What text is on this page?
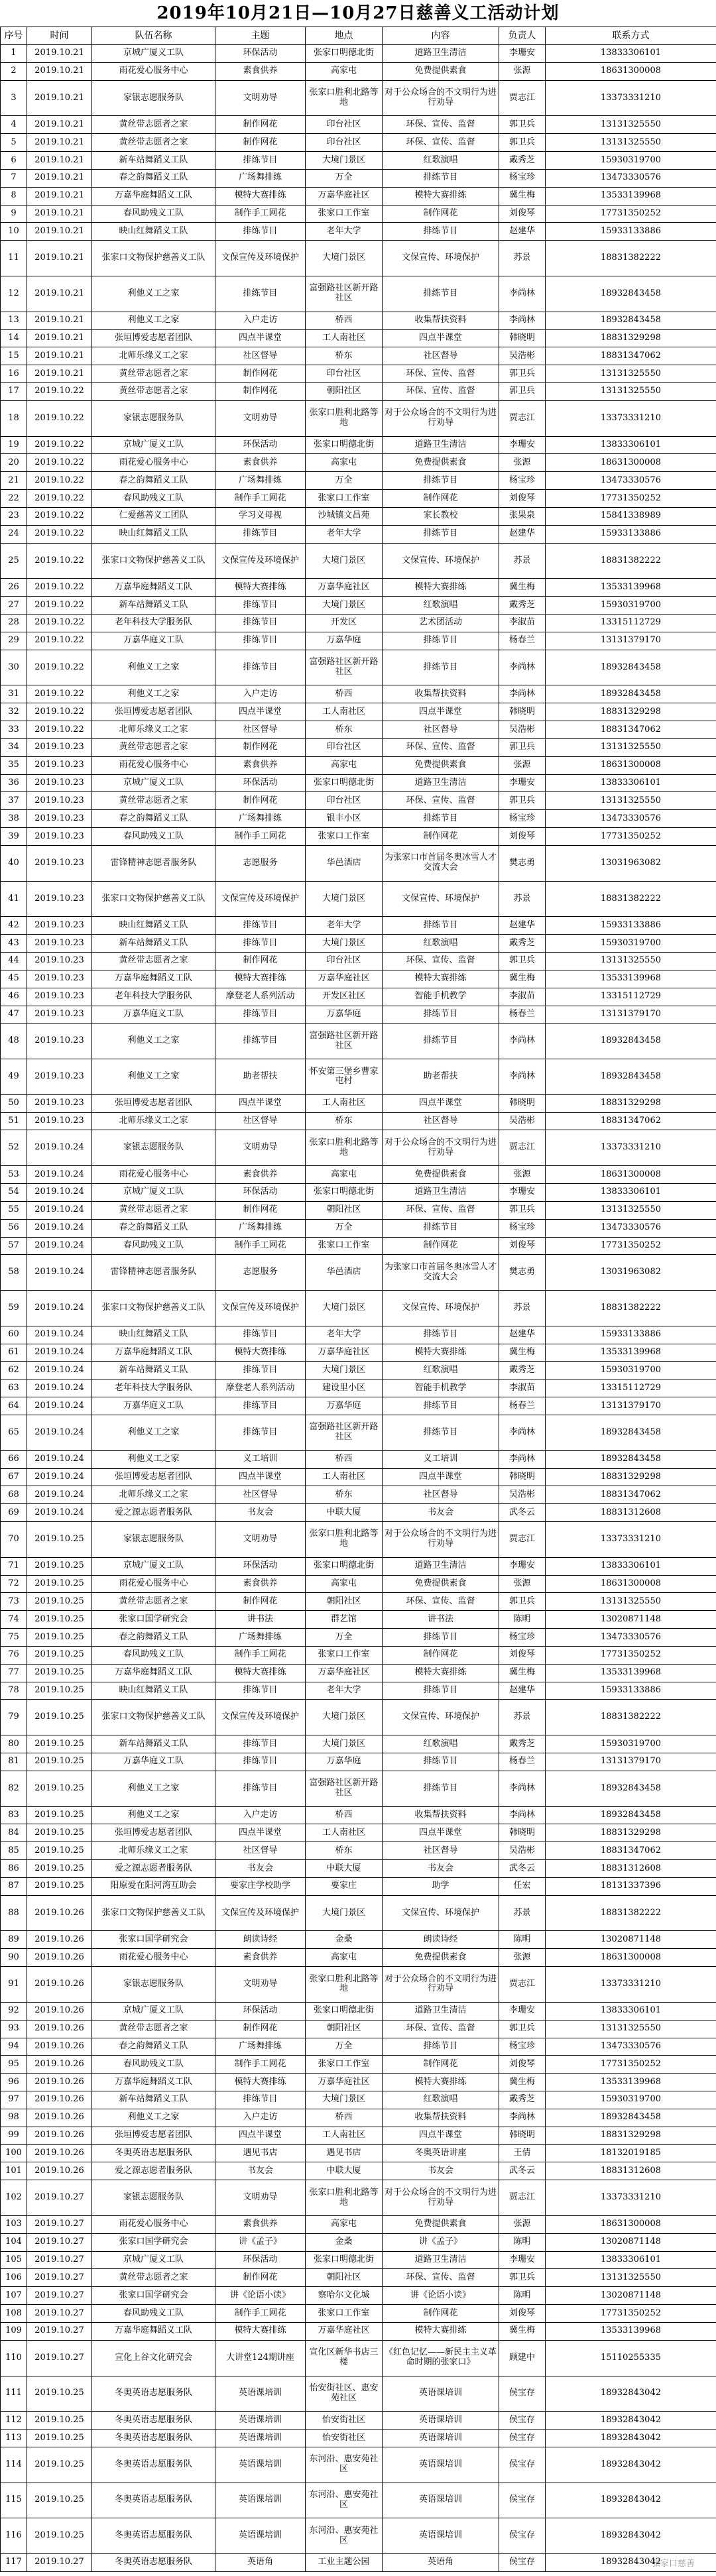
2019年10月21日—10月27日慈善义工活动计划
序号	时间	队伍名称	主题	地点	内容	负责人	联系方式
1	2019.10.21	京城广厦义工队	环保活动	张家口明德北街	道路卫生清洁	李珊安	13833306101
2	2019.10.21	雨花爱心服务中心	素食供养	高家屯	免费提供素食	张源	18631300008
3	2019.10.21	家银志愿服务队	文明劝导	张家口胜利北路等地	对于公众场合的不文明行为进行劝导	贾志江	13373331210
4	2019.10.21	黄丝带志愿者之家	制作网花	印台社区	环保、宣传、监督	郭卫兵	13131325550
5	2019.10.21	黄丝带志愿者之家	制作网花	印台社区	环保、宣传、监督	郭卫兵	13131325550
6	2019.10.21	新车站舞蹈义工队	排练节目	大境门景区	红歌演唱	戴秀芝	15930319700
7	2019.10.21	春之韵舞蹈义工队	广场舞排练	万全	排练节目	杨宝珍	13473330576
8	2019.10.21	万嘉华庭舞蹈义工队	模特大赛排练	万嘉华庭社区	模特大赛排练	冀生梅	13533139968
9	2019.10.21	春风助残义工队	制作手工网花	张家口工作室	制作网花	刘俊琴	17731350252
10	2019.10.21	映山红舞蹈义工队	排练节目	老年大学	排练节目	赵建华	15933133886
11	2019.10.21	张家口文物保护慈善义工队	文保宣传及环境保护	大境门景区	文保宣传、环境保护	苏景	18831382222
12	2019.10.21	利他义工之家	排练节目	富强路社区新开路社区	排练节目	李尚林	18932843458
13	2019.10.21	利他义工之家	入户走访	桥西	收集帮扶资料	李尚林	18932843458
14	2019.10.21	张垣博爱志愿者团队	四点半课堂	工人南社区	四点半课堂	韩晓明	18831329298
15	2019.10.21	北师乐缘义工之家	社区督导	桥东	社区督导	吴浩彬	18831347062
16	2019.10.21	黄丝带志愿者之家	制作网花	印台社区	环保、宣传、监督	郭卫兵	13131325550
17	2019.10.22	黄丝带志愿者之家	制作网花	朝阳社区	环保、宣传、监督	郭卫兵	13131325550
18	2019.10.22	家银志愿服务队	文明劝导	张家口胜利北路等地	对于公众场合的不文明行为进行劝导	贾志江	13373331210
19	2019.10.22	京城广厦义工队	环保活动	张家口明德北街	道路卫生清洁	李珊安	13833306101
20	2019.10.22	雨花爱心服务中心	素食供养	高家屯	免费提供素食	张源	18631300008
21	2019.10.22	春之韵舞蹈义工队	广场舞排练	万全	排练节目	杨宝珍	13473330576
22	2019.10.22	春风助残义工队	制作手工网花	张家口工作室	制作网花	刘俊琴	17731350252
23	2019.10.22	仁爱慈善义工团队	学习义母视	沙城镇文昌苑	家长教校	张果泉	15841338989
24	2019.10.22	映山红舞蹈义工队	排练节目	老年大学	排练节目	赵建华	15933133886
25	2019.10.22	张家口文物保护慈善义工队	文保宣传及环境保护	大境门景区	文保宣传、环境保护	苏景	18831382222
26	2019.10.22	万嘉华庭舞蹈义工队	模特大赛排练	万嘉华庭社区	模特大赛排练	冀生梅	13533139968
27	2019.10.22	新车站舞蹈义工队	排练节目	大境门景区	红歌演唱	戴秀芝	15930319700
28	2019.10.22	老年科技大学服务队	排练节目	开发区	艺术团活动	李淑苗	13315112729
29	2019.10.22	万嘉华庭义工队	排练节目	万嘉华庭	排练节目	杨春兰	13131379170
30	2019.10.22	利他义工之家	排练节目	富强路社区新开路社区	排练节目	李尚林	18932843458
31	2019.10.22	利他义工之家	入户走访	桥西	收集帮扶资料	李尚林	18932843458
32	2019.10.22	张垣博爱志愿者团队	四点半课堂	工人南社区	四点半课堂	韩晓明	18831329298
33	2019.10.22	北师乐缘义工之家	社区督导	桥东	社区督导	吴浩彬	18831347062
34	2019.10.23	黄丝带志愿者之家	制作网花	印台社区	环保、宣传、监督	郭卫兵	13131325550
35	2019.10.23	雨花爱心服务中心	素食供养	高家屯	免费提供素食	张源	18631300008
36	2019.10.23	京城广厦义工队	环保活动	张家口明德北街	道路卫生清洁	李珊安	13833306101
37	2019.10.23	黄丝带志愿者之家	制作网花	印台社区	环保、宣传、监督	郭卫兵	13131325550
38	2019.10.23	春之韵舞蹈义工队	广场舞排练	银丰小区	排练节目	杨宝珍	13473330576
39	2019.10.23	春风助残义工队	制作手工网花	张家口工作室	制作网花	刘俊琴	17731350252
40	2019.10.23	雷锋精神志愿者服务队	志愿服务	华邑酒店	为张家口市首届冬奥冰雪人才交流大会	樊志勇	13031963082
41	2019.10.23	张家口文物保护慈善义工队	文保宣传及环境保护	大境门景区	文保宣传、环境保护	苏景	18831382222
42	2019.10.23	映山红舞蹈义工队	排练节目	老年大学	排练节目	赵建华	15933133886
43	2019.10.23	新车站舞蹈义工队	排练节目	大境门景区	红歌演唱	戴秀芝	15930319700
44	2019.10.23	黄丝带志愿者之家	制作网花	印台社区	环保、宣传、监督	郭卫兵	13131325550
45	2019.10.23	万嘉华庭舞蹈义工队	模特大赛排练	万嘉华庭社区	模特大赛排练	冀生梅	13533139968
46	2019.10.23	老年科技大学服务队	摩登老人系列活动	开发区社区	智能手机教学	李淑苗	13315112729
47	2019.10.23	万嘉华庭义工队	排练节目	万嘉华庭	排练节目	杨春兰	13131379170
48	2019.10.23	利他义工之家	排练节目	富强路社区新开路社区	排练节目	李尚林	18932843458
49	2019.10.23	利他义工之家	助老帮扶	怀安第三堡乡曹家屯村	助老帮扶	李尚林	18932843458
50	2019.10.23	张垣博爱志愿者团队	四点半课堂	工人南社区	四点半课堂	韩晓明	18831329298
51	2019.10.23	北师乐缘义工之家	社区督导	桥东	社区督导	吴浩彬	18831347062
52	2019.10.24	家银志愿服务队	文明劝导	张家口胜利北路等地	对于公众场合的不文明行为进行劝导	贾志江	13373331210
53	2019.10.24	雨花爱心服务中心	素食供养	高家屯	免费提供素食	张源	18631300008
54	2019.10.24	京城广厦义工队	环保活动	张家口明德北街	道路卫生清洁	李珊安	13833306101
55	2019.10.24	黄丝带志愿者之家	制作网花	朝阳社区	环保、宣传、监督	郭卫兵	13131325550
56	2019.10.24	春之韵舞蹈义工队	广场舞排练	万全	排练节目	杨宝珍	13473330576
57	2019.10.24	春风助残义工队	制作手工网花	张家口工作室	制作网花	刘俊琴	17731350252
58	2019.10.24	雷锋精神志愿者服务队	志愿服务	华邑酒店	为张家口市首届冬奥冰雪人才交流大会	樊志勇	13031963082
59	2019.10.24	张家口文物保护慈善义工队	文保宣传及环境保护	大境门景区	文保宣传、环境保护	苏景	18831382222
60	2019.10.24	映山红舞蹈义工队	排练节目	老年大学	排练节目	赵建华	15933133886
61	2019.10.24	万嘉华庭舞蹈义工队	模特大赛排练	万嘉华庭社区	模特大赛排练	冀生梅	13533139968
62	2019.10.24	新车站舞蹈义工队	排练节目	大境门景区	红歌演唱	戴秀芝	15930319700
63	2019.10.24	老年科技大学服务队	摩登老人系列活动	建设里小区	智能手机教学	李淑苗	13315112729
64	2019.10.24	万嘉华庭义工队	排练节目	万嘉华庭	排练节目	杨春兰	13131379170
65	2019.10.24	利他义工之家	排练节目	富强路社区新开路社区	排练节目	李尚林	18932843458
66	2019.10.24	利他义工之家	义工培训	桥西	义工培训	李尚林	18932843458
67	2019.10.24	张垣博爱志愿者团队	四点半课堂	工人南社区	四点半课堂	韩晓明	18831329298
68	2019.10.24	北师乐缘义工之家	社区督导	桥东	社区督导	吴浩彬	18831347062
69	2019.10.24	爱之源志愿者服务队	书友会	中联大厦	书友会	武冬云	18831312608
70	2019.10.25	家银志愿服务队	文明劝导	张家口胜利北路等地	对于公众场合的不文明行为进行劝导	贾志江	13373331210
71	2019.10.25	京城广厦义工队	环保活动	张家口明德北街	道路卫生清洁	李珊安	13833306101
72	2019.10.25	雨花爱心服务中心	素食供养	高家屯	免费提供素食	张源	18631300008
73	2019.10.25	黄丝带志愿者之家	制作网花	朝阳社区	环保、宣传、监督	郭卫兵	13131325550
74	2019.10.25	张家口国学研究会	讲书法	群艺馆	讲书法	陈明	13020871148
75	2019.10.25	春之韵舞蹈义工队	广场舞排练	万全	排练节目	杨宝珍	13473330576
76	2019.10.25	春风助残义工队	制作手工网花	张家口工作室	制作网花	刘俊琴	17731350252
77	2019.10.25	万嘉华庭舞蹈义工队	模特大赛排练	万嘉华庭社区	模特大赛排练	冀生梅	13533139968
78	2019.10.25	映山红舞蹈义工队	排练节目	老年大学	排练节目	赵建华	15933133886
79	2019.10.25	张家口文物保护慈善义工队	文保宣传及环境保护	大境门景区	文保宣传、环境保护	苏景	18831382222
80	2019.10.25	新车站舞蹈义工队	排练节目	大境门景区	红歌演唱	戴秀芝	15930319700
81	2019.10.25	万嘉华庭义工队	排练节目	万嘉华庭	排练节目	杨春兰	13131379170
82	2019.10.25	利他义工之家	排练节目	富强路社区新开路社区	排练节目	李尚林	18932843458
83	2019.10.25	利他义工之家	入户走访	桥西	收集帮扶资料	李尚林	18932843458
84	2019.10.25	张垣博爱志愿者团队	四点半课堂	工人南社区	四点半课堂	韩晓明	18831329298
85	2019.10.25	北师乐缘义工之家	社区督导	桥东	社区督导	吴浩彬	18831347062
86	2019.10.25	爱之源志愿者服务队	书友会	中联大厦	书友会	武冬云	18831312608
87	2019.10.25	阳原爱在阳河湾互助会	要家庄学校助学	要家庄	助学	任宏	18131337396
88	2019.10.26	张家口文物保护慈善义工队	文保宣传及环境保护	大境门景区	文保宣传、环境保护	苏景	18831382222
89	2019.10.26	张家口国学研究会	朗读诗经	金桑	朗读诗经	陈明	13020871148
90	2019.10.26	雨花爱心服务中心	素食供养	高家屯	免费提供素食	张源	18631300008
91	2019.10.26	家银志愿服务队	文明劝导	张家口胜利北路等地	对于公众场合的不文明行为进行劝导	贾志江	13373331210
92	2019.10.26	京城广厦义工队	环保活动	张家口明德北街	道路卫生清洁	李珊安	13833306101
93	2019.10.26	黄丝带志愿者之家	制作网花	朝阳社区	环保、宣传、监督	郭卫兵	13131325550
94	2019.10.26	春之韵舞蹈义工队	广场舞排练	万全	排练节目	杨宝珍	13473330576
95	2019.10.26	春风助残义工队	制作手工网花	张家口工作室	制作网花	刘俊琴	17731350252
96	2019.10.26	万嘉华庭舞蹈义工队	模特大赛排练	万嘉华庭社区	模特大赛排练	冀生梅	13533139968
97	2019.10.26	新车站舞蹈义工队	排练节目	大境门景区	红歌演唱	戴秀芝	15930319700
98	2019.10.26	利他义工之家	入户走访	桥西	收集帮扶资料	李尚林	18932843458
99	2019.10.26	张垣博爱志愿者团队	四点半课堂	工人南社区	四点半课堂	韩晓明	18831329298
100	2019.10.26	冬奥英语志愿服务队	遇见书店	遇见书店	冬奥英语讲座	王倩	18132019185
101	2019.10.26	爱之源志愿者服务队	书友会	中联大厦	书友会	武冬云	18831312608
102	2019.10.27	家银志愿服务队	文明劝导	张家口胜利北路等地	对于公众场合的不文明行为进行劝导	贾志江	13373331210
103	2019.10.27	雨花爱心服务中心	素食供养	高家屯	免费提供素食	张源	18631300008
104	2019.10.27	张家口国学研究会	讲《孟子》	金桑	讲《孟子》	陈明	13020871148
105	2019.10.27	京城广厦义工队	环保活动	张家口明德北街	道路卫生清洁	李珊安	13833306101
106	2019.10.27	黄丝带志愿者之家	制作网花	朝阳社区	环保、宣传、监督	郭卫兵	13131325550
107	2019.10.27	张家口国学研究会	讲《论语小读》	察哈尔文化城	讲《论语小读》	陈明	13020871148
108	2019.10.27	春风助残义工队	制作手工网花	张家口工作室	制作网花	刘俊琴	17731350252
109	2019.10.27	万嘉华庭舞蹈义工队	模特大赛排练	万嘉华庭社区	模特大赛排练	冀生梅	13533139968
110	2019.10.27	宣化上谷文化研究会	大讲堂124期讲座	宣化区新华书店三楼	《红色记忆——新民主主义革命时期的张家口》	顾建中	15110255335
111	2019.10.25	冬奥英语志愿服务队	英语课培训	怡安街社区、惠安苑社区	英语课培训	侯宝存	18932843042
112	2019.10.25	冬奥英语志愿服务队	英语课培训	怡安街社区	英语课培训	侯宝存	18932843042
113	2019.10.25	冬奥英语志愿服务队	英语课培训	怡安街社区	英语课培训	侯宝存	18932843042
114	2019.10.25	冬奥英语志愿服务队	英语课培训	东河沿、惠安苑社区	英语课培训	侯宝存	18932843042
115	2019.10.25	冬奥英语志愿服务队	英语课培训	东河沿、惠安苑社区	英语课培训	侯宝存	18932843042
116	2019.10.25	冬奥英语志愿服务队	英语课培训	东河沿、惠安苑社区	英语课培训	侯宝存	18932843042
117	2019.10.27	冬奥英语志愿服务队	英语角	工业主题公园	英语角	侯宝存	18932843042
张家口慈善
